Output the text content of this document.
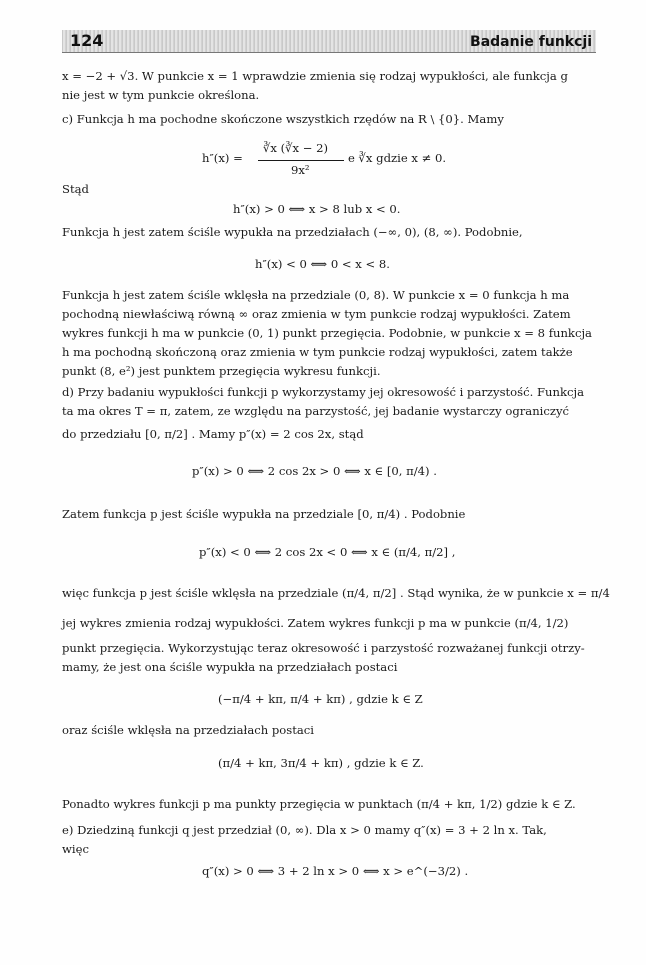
124	Badanie funkcji
x = −2 + √3. W punkcie x = 1 wprawdzie zmienia się rodzaj wypukłości, ale funkcja g
nie jest w tym punkcie określona.
c) Funkcja h ma pochodne skończone wszystkich rzędów na R \ {0}. Mamy
∛x (∛x − 2)
h″(x) =
9x²
e ∛x gdzie x ≠ 0.
Stąd
h″(x) > 0 ⟺ x > 8 lub x < 0.
Funkcja h jest zatem ściśle wypukła na przedziałach (−∞, 0), (8, ∞). Podobnie,
h″(x) < 0 ⟺ 0 < x < 8.
Funkcja h jest zatem ściśle wklęsła na przedziale (0, 8). W punkcie x = 0 funkcja h ma
pochodną niewłaściwą równą ∞ oraz zmienia w tym punkcie rodzaj wypukłości. Zatem
wykres funkcji h ma w punkcie (0, 1) punkt przegięcia. Podobnie, w punkcie x = 8 funkcja
h ma pochodną skończoną oraz zmienia w tym punkcie rodzaj wypukłości, zatem także
punkt (8, e²) jest punktem przegięcia wykresu funkcji.
d) Przy badaniu wypukłości funkcji p wykorzystamy jej okresowość i parzystość. Funkcja
ta ma okres T = π, zatem, ze względu na parzystość, jej badanie wystarczy ograniczyć
do przedziału [0, π/2] . Mamy p″(x) = 2 cos 2x, stąd
p″(x) > 0 ⟺ 2 cos 2x > 0 ⟺ x ∈ [0, π/4) .
Zatem funkcja p jest ściśle wypukła na przedziale [0, π/4) . Podobnie
p″(x) < 0 ⟺ 2 cos 2x < 0 ⟺ x ∈ (π/4, π/2] ,
więc funkcja p jest ściśle wklęsła na przedziale (π/4, π/2] . Stąd wynika, że w punkcie x = π/4
jej wykres zmienia rodzaj wypukłości. Zatem wykres funkcji p ma w punkcie (π/4, 1/2)
punkt przegięcia. Wykorzystując teraz okresowość i parzystość rozważanej funkcji otrzy-
mamy, że jest ona ściśle wypukła na przedziałach postaci
(−π/4 + kπ, π/4 + kπ) , gdzie k ∈ Z
oraz ściśle wklęsła na przedziałach postaci
(π/4 + kπ, 3π/4 + kπ) , gdzie k ∈ Z.
Ponadto wykres funkcji p ma punkty przegięcia w punktach (π/4 + kπ, 1/2) gdzie k ∈ Z.
e) Dziedziną funkcji q jest przedział (0, ∞). Dla x > 0 mamy q″(x) = 3 + 2 ln x. Tak,
więc
q″(x) > 0 ⟺ 3 + 2 ln x > 0 ⟺ x > e^(−3/2) .
